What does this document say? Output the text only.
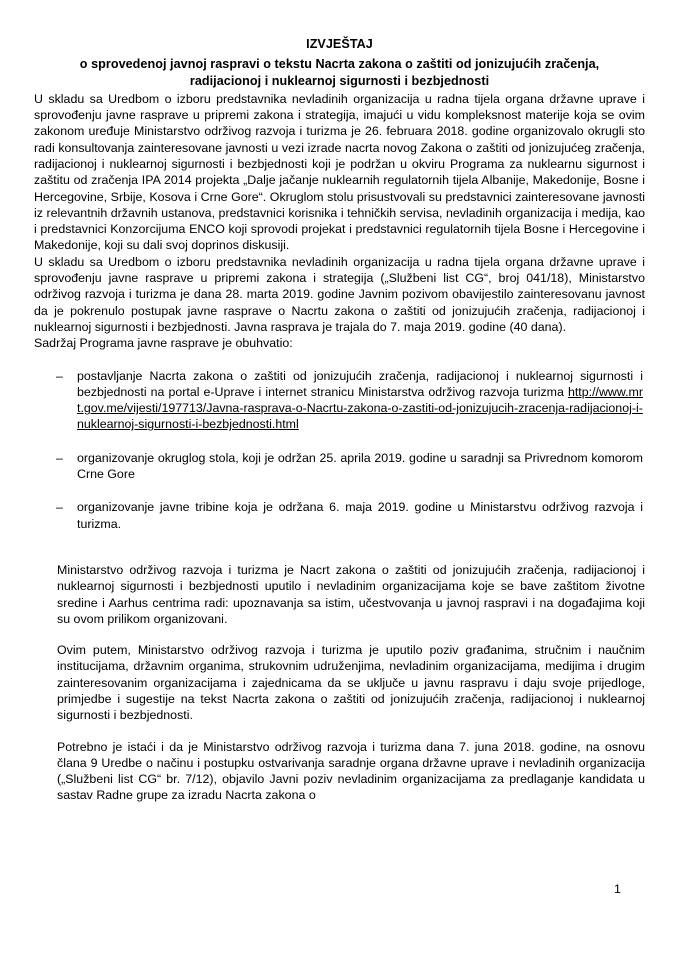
IZVJEŠTAJ
o sprovedenoj javnoj raspravi o tekstu Nacrta zakona o zaštiti od jonizujućih zračenja, radijacionoj i nuklearnoj sigurnosti i bezbjednosti

U skladu sa Uredbom o izboru predstavnika nevladinih organizacija u radna tijela organa državne uprave i sprovođenju javne rasprave u pripremi zakona i strategija, imajući u vidu kompleksnost materije koja se ovim zakonom uređuje Ministarstvo održivog razvoja i turizma je 26. februara 2018. godine organizovalo okrugli sto radi konsultovanja zainteresovane javnosti u vezi izrade nacrta novog Zakona o zaštiti od jonizujućeg zračenja, radijacionoj i nuklearnoj sigurnosti i bezbjednosti koji je podržan u okviru Programa za nuklearnu sigurnost i zaštitu od zračenja IPA 2014 projekta „Dalje jačanje nuklearnih regulatornih tijela Albanije, Makedonije, Bosne i Hercegovine, Srbije, Kosova i Crne Gore“. Okruglom stolu prisustvovali su predstavnici zainteresovane javnosti iz relevantnih državnih ustanova, predstavnici korisnika i tehničkih servisa, nevladinih organizacija i medija, kao i predstavnici Konzorcijuma ENCO koji sprovodi projekat i predstavnici regulatornih tijela Bosne i Hercegovine i Makedonije, koji su dali svoj doprinos diskusiji.

U skladu sa Uredbom o izboru predstavnika nevladinih organizacija u radna tijela organa državne uprave i sprovođenju javne rasprave u pripremi zakona i strategija („Službeni list CG“, broj 041/18), Ministarstvo održivog razvoja i turizma je dana 28. marta 2019. godine Javnim pozivom obavijestilo zainteresovanu javnost da je pokrenulo postupak javne rasprave o Nacrtu zakona o zaštiti od jonizujućih zračenja, radijacionoj i nuklearnoj sigurnosti i bezbjednosti. Javna rasprava je trajala do 7. maja 2019. godine (40 dana).

Sadržaj Programa javne rasprave je obuhvatio:

–	postavljanje Nacrta zakona o zaštiti od jonizujućih zračenja, radijacionoj i nuklearnoj sigurnosti i bezbjednosti na portal e-Uprave i internet stranicu Ministarstva održivog razvoja turizma http://www.mrt.gov.me/vijesti/197713/Javna-rasprava-o-Nacrtu-zakona-o-zastiti-od-jonizujucih-zracenja-radijacionoj-i-nuklearnoj-sigurnosti-i-bezbjednosti.html
–	organizovanje okruglog stola, koji je održan 25. aprila 2019. godine u saradnji sa Privrednom komorom Crne Gore
–	organizovanje javne tribine koja je održana 6. maja 2019. godine u Ministarstvu održivog razvoja i turizma.

Ministarstvo održivog razvoja i turizma je Nacrt zakona o zaštiti od jonizujućih zračenja, radijacionoj i nuklearnoj sigurnosti i bezbjednosti uputilo i nevladinim organizacijama koje se bave zaštitom životne sredine i Aarhus centrima radi: upoznavanja sa istim, učestvovanja u javnoj raspravi i na događajima koji su ovom prilikom organizovani.

Ovim putem, Ministarstvo održivog razvoja i turizma je uputilo poziv građanima, stručnim i naučnim institucijama, državnim organima, strukovnim udruženjima, nevladinim organizacijama, medijima i drugim zainteresovanim organizacijama i zajednicama da se uključe u javnu raspravu i daju svoje prijedloge, primjedbe i sugestije na tekst Nacrta zakona o zaštiti od jonizujućih zračenja, radijacionoj i nuklearnoj sigurnosti i bezbjednosti.

Potrebno je istaći i da je Ministarstvo održivog razvoja i turizma dana 7. juna 2018. godine, na osnovu člana 9 Uredbe o načinu i postupku ostvarivanja saradnje organa državne uprave i nevladinih organizacija („Službeni list CG“ br. 7/12), objavilo Javni poziv nevladinim organizacijama za predlaganje kandidata u sastav Radne grupe za izradu Nacrta zakona o

1
